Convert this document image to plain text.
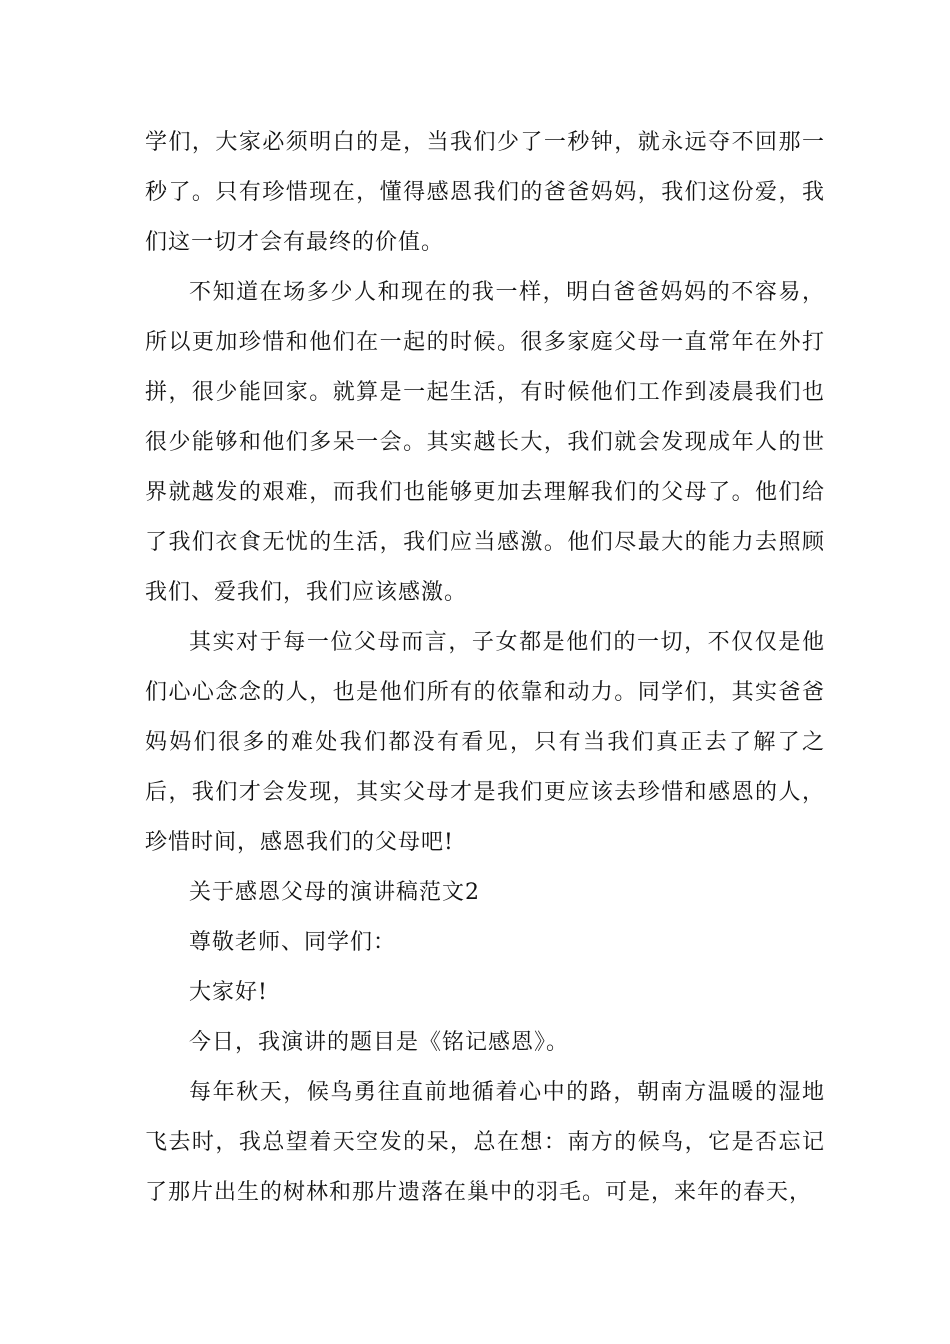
学们，大家必须明白的是，当我们少了一秒钟，就永远夺不回那一秒了。只有珍惜现在，懂得感恩我们的爸爸妈妈，我们这份爱，我们这一切才会有最终的价值。

不知道在场多少人和现在的我一样，明白爸爸妈妈的不容易，所以更加珍惜和他们在一起的时候。很多家庭父母一直常年在外打拼，很少能回家。就算是一起生活，有时候他们工作到凌晨我们也很少能够和他们多呆一会。其实越长大，我们就会发现成年人的世界就越发的艰难，而我们也能够更加去理解我们的父母了。他们给了我们衣食无忧的生活，我们应当感激。他们尽最大的能力去照顾我们、爱我们，我们应该感激。

其实对于每一位父母而言，子女都是他们的一切，不仅仅是他们心心念念的人，也是他们所有的依靠和动力。同学们，其实爸爸妈妈们很多的难处我们都没有看见，只有当我们真正去了解了之后，我们才会发现，其实父母才是我们更应该去珍惜和感恩的人，珍惜时间，感恩我们的父母吧!

关于感恩父母的演讲稿范文2

尊敬老师、同学们：

大家好!

今日，我演讲的题目是《铭记感恩》。

每年秋天，候鸟勇往直前地循着心中的路，朝南方温暖的湿地飞去时，我总望着天空发的呆，总在想：南方的候鸟，它是否忘记了那片出生的树林和那片遗落在巢中的羽毛。可是，来年的春天，
